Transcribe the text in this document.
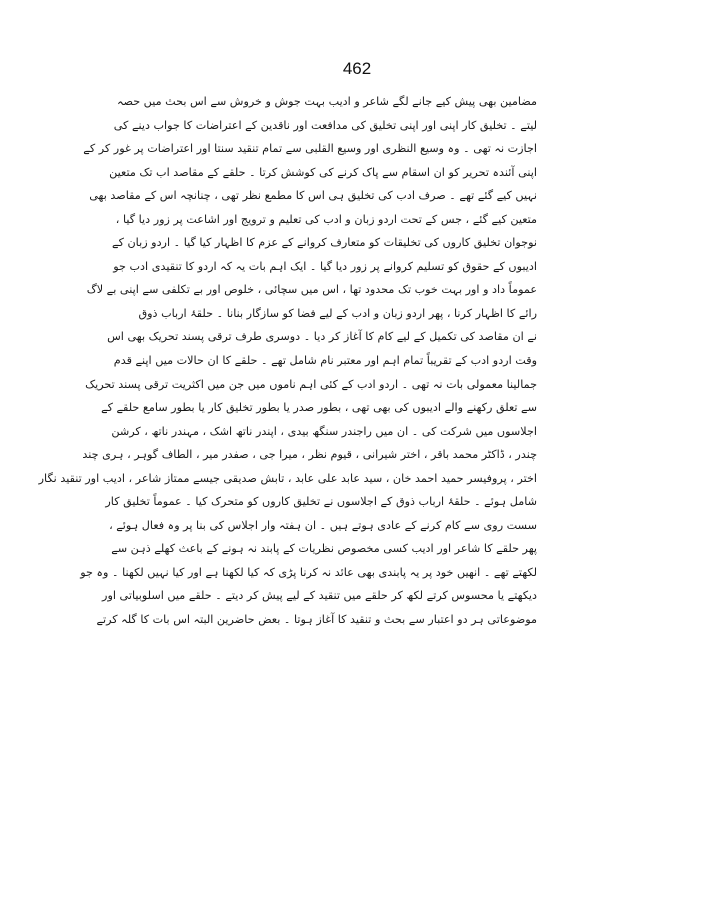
462
مضامین بھی پیش کیے جانے لگے شاعر و ادیب بہت جوش و خروش سے اس بحث میں حصہ
لیتے ۔ تخلیق کار اپنی اور اپنی تخلیق کی مدافعت اور ناقدین کے اعتراضات کا جواب دینے کی
اجازت نہ تھی ۔ وہ وسیع النظری اور وسیع القلبی سے تمام تنقید سنتا اور اعتراضات پر غور کر کے
اپنی آئندہ تحریر کو ان اسقام سے پاک کرنے کی کوشش کرتا ۔ حلقے کے مقاصد اب تک متعین
نہیں کیے گئے تھے ۔ صرف ادب کی تخلیق ہی اس کا مطمع نظر تھی ، چنانچہ اس کے مقاصد بھی
متعین کیے گئے ، جس کے تحت اردو زبان و ادب کی تعلیم و ترویج اور اشاعت پر زور دیا گیا ،
نوجوان تخلیق کاروں کی تخلیقات کو متعارف کروانے کے عزم کا اظہار کیا گیا ۔ اردو زبان کے
ادیبوں کے حقوق کو تسلیم کروانے پر زور دیا گیا ۔ ایک اہم بات یہ کہ اردو کا تنقیدی ادب جو
عموماً داد و اور بہت خوب تک محدود تھا ، اس میں سچائی ، خلوص اور بے تکلفی سے اپنی بے لاگ
رائے کا اظہار کرنا ، پھر اردو زبان و ادب کے لیے فضا کو سازگار بنانا ۔ حلقۂ ارباب ذوق
نے ان مقاصد کی تکمیل کے لیے کام کا آغاز کر دیا ۔ دوسری طرف ترقی پسند تحریک بھی اس
وقت اردو ادب کے تقریباً تمام اہم اور معتبر نام شامل تھے ۔ حلقے کا ان حالات میں اپنے قدم
جمالینا معمولی بات نہ تھی ۔ اردو ادب کے کئی اہم ناموں میں جن میں اکثریت ترقی پسند تحریک
سے تعلق رکھنے والے ادیبوں کی بھی تھی ، بطور صدر یا بطور تخلیق کار یا بطور سامع حلقے کے
اجلاسوں میں شرکت کی ۔ ان میں راجندر سنگھ بیدی ، اپندر ناتھ اشک ، مہندر ناتھ ، کرشن
چندر ، ڈاکٹر محمد باقر ، اختر شیرانی ، قیوم نظر ، میرا جی ، صفدر میر ، الطاف گوہر ، ہری چند
اختر ، پروفیسر حمید احمد خان ، سید عابد علی عابد ، تابش صدیقی جیسے ممتاز شاعر ، ادیب اور تنقید نگار
شامل ہوئے ۔ حلقۂ ارباب ذوق کے اجلاسوں نے تخلیق کاروں کو متحرک کیا ۔ عموماً تخلیق کار
سست روی سے کام کرنے کے عادی ہوتے ہیں ۔ ان ہفتہ وار اجلاس کی بنا پر وہ فعال ہوئے ،
پھر حلقے کا شاعر اور ادیب کسی مخصوص نظریات کے پابند نہ ہونے کے باعث کھلے ذہن سے
لکھتے تھے ۔ انھیں خود پر یہ پابندی بھی عائد نہ کرنا پڑی کہ کیا لکھنا ہے اور کیا نہیں لکھنا ۔ وہ جو
دیکھتے یا محسوس کرتے لکھ کر حلقے میں تنقید کے لیے پیش کر دیتے ۔ حلقے میں اسلوبیاتی اور
موضوعاتی ہر دو اعتبار سے بحث و تنقید کا آغاز ہوتا ۔ بعض حاضرین البتہ اس بات کا گلہ کرتے
